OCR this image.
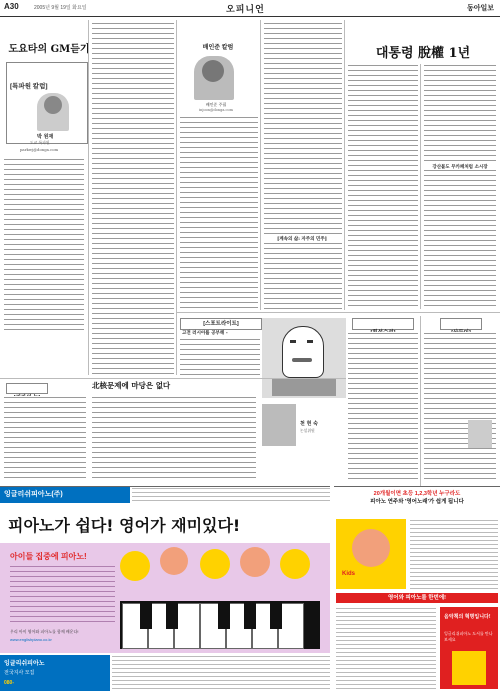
A30	2005년 9월 19일 화요일	오피니언	동아일보
도요타의 GM듣기
[특파원 칼럼]
박 원재
도쿄 특파원
parkwj@donga.com
배인준 칼럼
배인준 주필
injoon@donga.com
[계속의 삶: 자주의 민주]
대통령 脫權 1년
강산불도 무카페처럼 소시장
[스포트라이트]
고전 러시아를 공부해 -
천 현 숙
논설위원
北核문제에 마당은 없다
잉글리쉬피아노(주)
피아노가 쉽다! 영어가 재미있다!
아이들 집중에 피아노!
우리 아이 영어와 피아노를 함께 배운다!
www.englishpiano.co.kr
잉글리쉬피아노
전국지사 모집
080-
20개월이면 초등 1,2,3학년 누구라도
피아노 연주와 '영어노래'가 쉽게 됩니다
Kids
영어와 피아노를 한번에!
음악책의 혁명입니다!
잉글리쉬피아노 도서를 만나보세요
